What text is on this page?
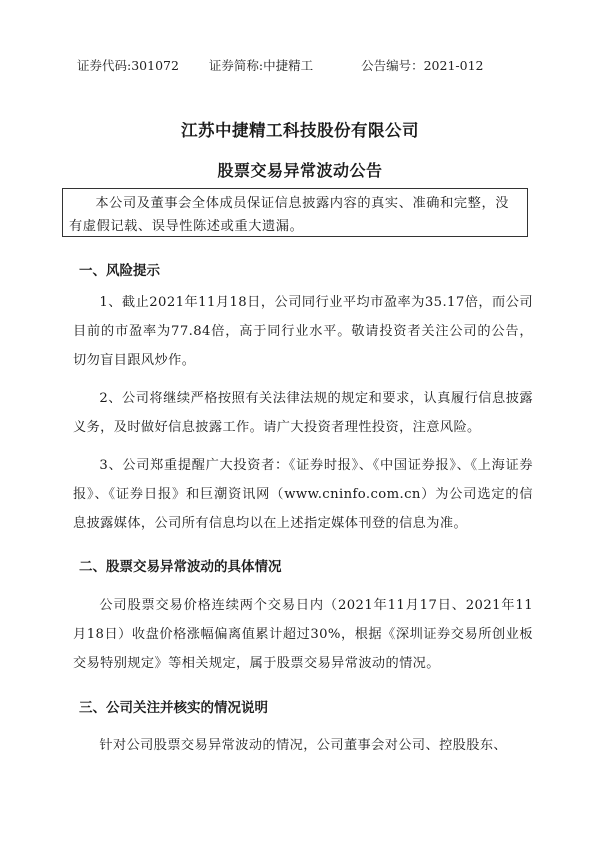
证券代码:301072 证券简称:中捷精工	公告编号：2021-012
江苏中捷精工科技股份有限公司
股票交易异常波动公告
本公司及董事会全体成员保证信息披露内容的真实、准确和完整，没有虚假记载、误导性陈述或重大遗漏。
一、风险提示
1、截止2021年11月18日，公司同行业平均市盈率为35.17倍，而公司目前的市盈率为77.84倍，高于同行业水平。敬请投资者关注公司的公告，切勿盲目跟风炒作。
2、公司将继续严格按照有关法律法规的规定和要求，认真履行信息披露义务，及时做好信息披露工作。请广大投资者理性投资，注意风险。
3、公司郑重提醒广大投资者：《证券时报》、《中国证券报》、《上海证券报》、《证券日报》和巨潮资讯网（www.cninfo.com.cn）为公司选定的信息披露媒体，公司所有信息均以在上述指定媒体刊登的信息为准。
二、股票交易异常波动的具体情况
公司股票交易价格连续两个交易日内（2021年11月17日、2021年11月18日）收盘价格涨幅偏离值累计超过30%，根据《深圳证券交易所创业板交易特别规定》等相关规定，属于股票交易异常波动的情况。
三、公司关注并核实的情况说明
针对公司股票交易异常波动的情况，公司董事会对公司、控股股东、
